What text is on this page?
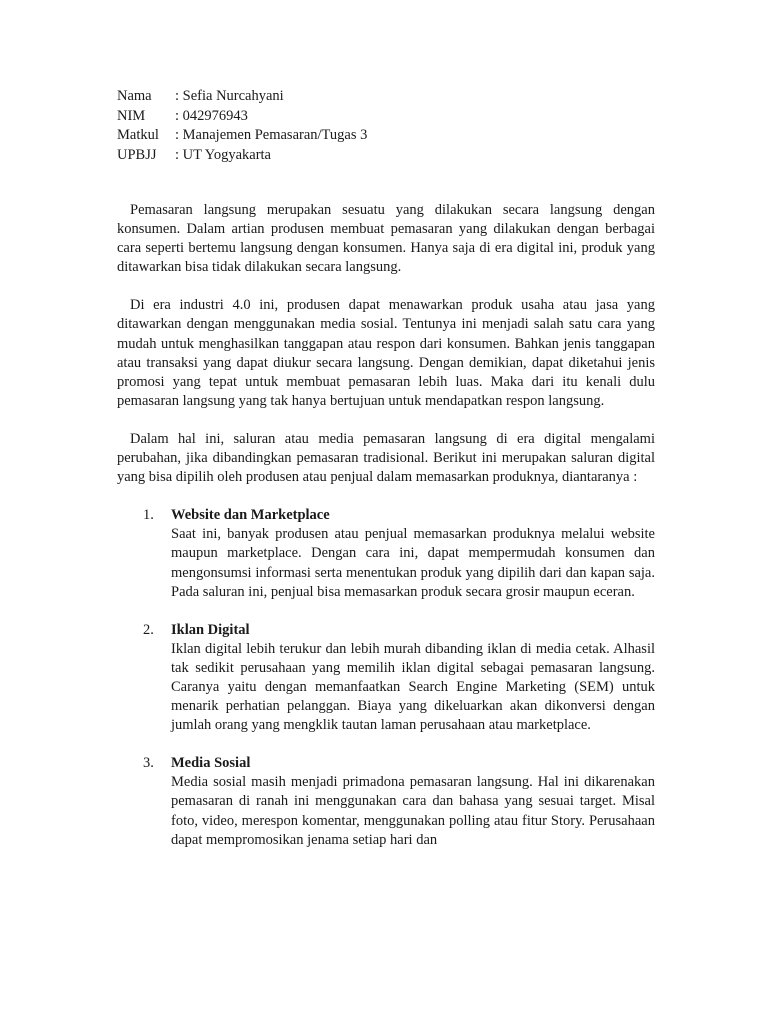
Nama	: Sefia Nurcahyani
NIM	: 042976943
Matkul	: Manajemen Pemasaran/Tugas 3
UPBJJ	: UT Yogyakarta

Pemasaran langsung merupakan sesuatu yang dilakukan secara langsung dengan konsumen. Dalam artian produsen membuat pemasaran yang dilakukan dengan berbagai cara seperti bertemu langsung dengan konsumen. Hanya saja di era digital ini, produk yang ditawarkan bisa tidak dilakukan secara langsung.

Di era industri 4.0 ini, produsen dapat menawarkan produk usaha atau jasa yang ditawarkan dengan menggunakan media sosial. Tentunya ini menjadi salah satu cara yang mudah untuk menghasilkan tanggapan atau respon dari konsumen. Bahkan jenis tanggapan atau transaksi yang dapat diukur secara langsung. Dengan demikian, dapat diketahui jenis promosi yang tepat untuk membuat pemasaran lebih luas. Maka dari itu kenali dulu pemasaran langsung yang tak hanya bertujuan untuk mendapatkan respon langsung.

Dalam hal ini, saluran atau media pemasaran langsung di era digital mengalami perubahan, jika dibandingkan pemasaran tradisional. Berikut ini merupakan saluran digital yang bisa dipilih oleh produsen atau penjual dalam memasarkan produknya, diantaranya :

1. Website dan Marketplace

Saat ini, banyak produsen atau penjual memasarkan produknya melalui website maupun marketplace. Dengan cara ini, dapat mempermudah konsumen dan mengonsumsi informasi serta menentukan produk yang dipilih dari dan kapan saja. Pada saluran ini, penjual bisa memasarkan produk secara grosir maupun eceran.

2. Iklan Digital

Iklan digital lebih terukur dan lebih murah dibanding iklan di media cetak. Alhasil tak sedikit perusahaan yang memilih iklan digital sebagai pemasaran langsung. Caranya yaitu dengan memanfaatkan Search Engine Marketing (SEM) untuk menarik perhatian pelanggan. Biaya yang dikeluarkan akan dikonversi dengan jumlah orang yang mengklik tautan laman perusahaan atau marketplace.

3. Media Sosial

Media sosial masih menjadi primadona pemasaran langsung. Hal ini dikarenakan pemasaran di ranah ini menggunakan cara dan bahasa yang sesuai target. Misal foto, video, merespon komentar, menggunakan polling atau fitur Story. Perusahaan dapat mempromosikan jenama setiap hari dan
